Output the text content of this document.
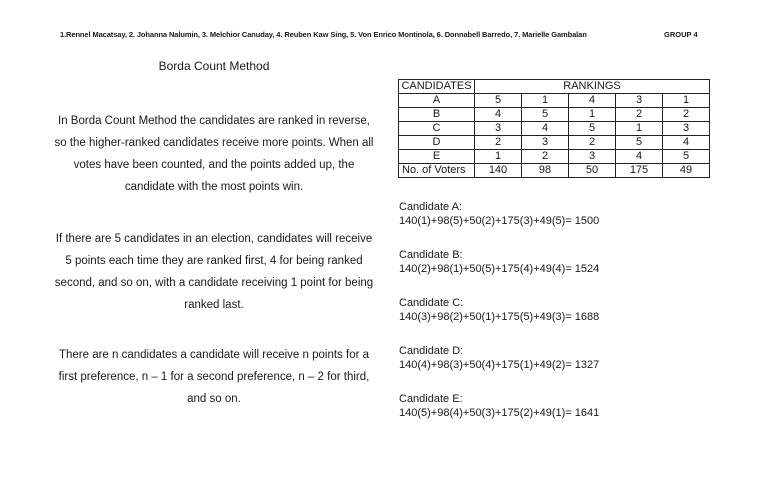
1.Rennel Macatsay, 2. Johanna Nalumin, 3. Melchior Canuday, 4. Reuben Kaw Sing, 5. Von Enrico Montinola, 6. Donnabell Barredo, 7. Marielle Gambalan	GROUP 4
Borda Count Method

In Borda Count Method the candidates are ranked in reverse, so the higher-ranked candidates receive more points. When all votes have been counted, and the points added up, the candidate with the most points win.

If there are 5 candidates in an election, candidates will receive 5 points each time they are ranked first, 4 for being ranked second, and so on, with a candidate receiving 1 point for being ranked last.

There are n candidates a candidate will receive n points for a first preference, n – 1 for a second preference, n – 2 for third, and so on.

CANDIDATES	RANKINGS				
A	5	1	4	3	1
B	4	5	1	2	2
C	3	4	5	1	3
D	2	3	2	5	4
E	1	2	3	4	5
No. of Voters	140	98	50	175	49
Candidate A:
140(1)+98(5)+50(2)+175(3)+49(5)= 1500
Candidate B:
140(2)+98(1)+50(5)+175(4)+49(4)= 1524
Candidate C:
140(3)+98(2)+50(1)+175(5)+49(3)= 1688
Candidate D:
140(4)+98(3)+50(4)+175(1)+49(2)= 1327
Candidate E:
140(5)+98(4)+50(3)+175(2)+49(1)= 1641
